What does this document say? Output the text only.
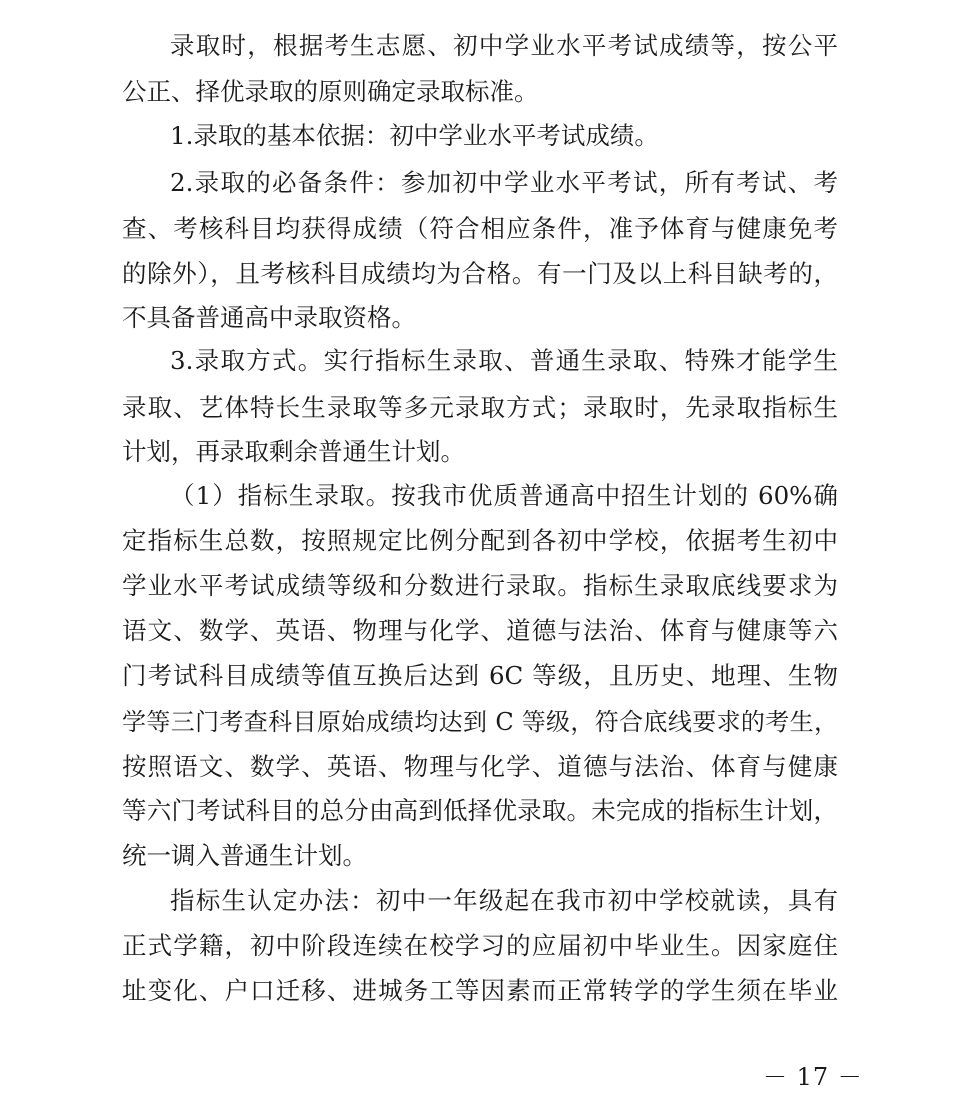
录取时，根据考生志愿、初中学业水平考试成绩等，按公平
公正、择优录取的原则确定录取标准。
1.录取的基本依据：初中学业水平考试成绩。
2.录取的必备条件：参加初中学业水平考试，所有考试、考
查、考核科目均获得成绩（符合相应条件，准予体育与健康免考
的除外），且考核科目成绩均为合格。有一门及以上科目缺考的，
不具备普通高中录取资格。
3.录取方式。实行指标生录取、普通生录取、特殊才能学生
录取、艺体特长生录取等多元录取方式；录取时，先录取指标生
计划，再录取剩余普通生计划。
（1）指标生录取。按我市优质普通高中招生计划的 60%确
定指标生总数，按照规定比例分配到各初中学校，依据考生初中
学业水平考试成绩等级和分数进行录取。指标生录取底线要求为
语文、数学、英语、物理与化学、道德与法治、体育与健康等六
门考试科目成绩等值互换后达到 6C 等级，且历史、地理、生物
学等三门考查科目原始成绩均达到 C 等级，符合底线要求的考生，
按照语文、数学、英语、物理与化学、道德与法治、体育与健康
等六门考试科目的总分由高到低择优录取。未完成的指标生计划，
统一调入普通生计划。
指标生认定办法：初中一年级起在我市初中学校就读，具有
正式学籍，初中阶段连续在校学习的应届初中毕业生。因家庭住
址变化、户口迁移、进城务工等因素而正常转学的学生须在毕业
－ 17 －
